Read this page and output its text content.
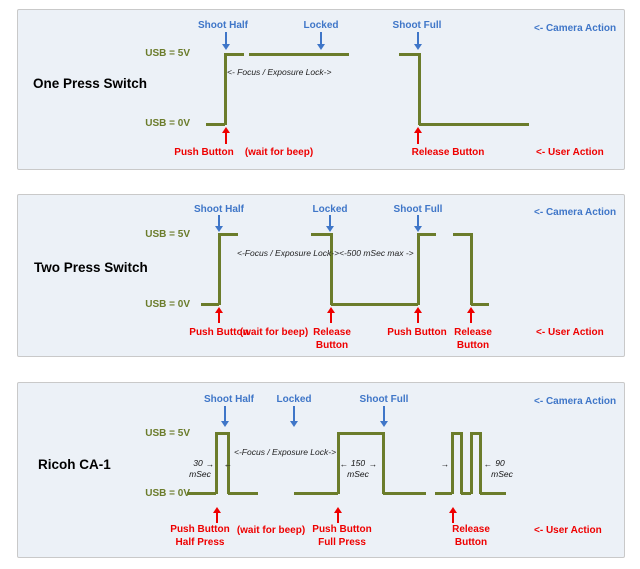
One Press Switch
USB = 5V
USB = 0V
Shoot Half	Locked	Shoot Full	<- Camera Action
Push Button (wait for beep)	Release Button	<- User Action
<- Focus / Exposure Lock->
Two Press Switch
USB = 5V
USB = 0V
Shoot Half	Locked	Shoot Full	<- Camera Action
Push Button
(wait for beep) Release
Button
Push Button Release
Button
<- User Action
<-Focus / Exposure Lock-> <-500 mSec max ->
Ricoh CA-1
USB = 5V
USB = 0V
Shoot Half Locked	Shoot Full	<- Camera Action
Push Button
Half Press
(wait for beep) Push Button
Full Press
Release
Button
<- User Action
<-Focus / Exposure Lock->
30 →
mSec
←	← 150 →
mSec
→	← 90
mSec
